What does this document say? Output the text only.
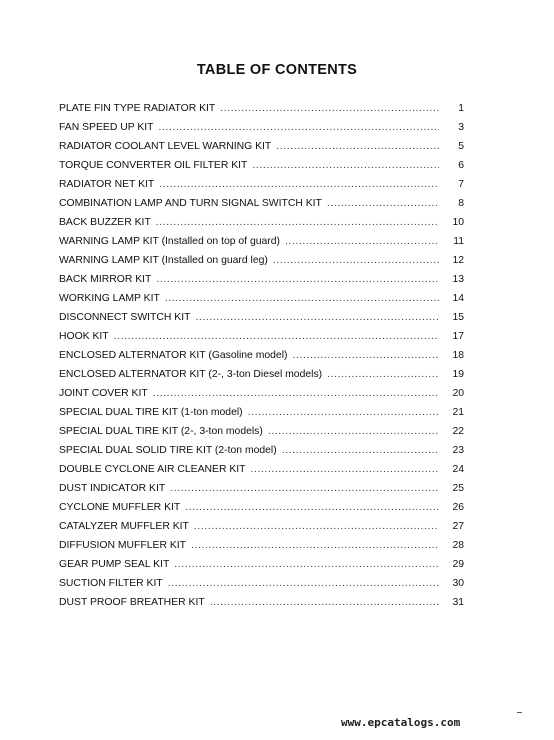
TABLE OF CONTENTS
PLATE FIN TYPE RADIATOR KIT .....	1
FAN SPEED UP KIT .....	3
RADIATOR COOLANT LEVEL WARNING KIT .....	5
TORQUE CONVERTER OIL FILTER KIT .....	6
RADIATOR NET KIT .....	7
COMBINATION LAMP AND TURN SIGNAL SWITCH KIT .....	8
BACK BUZZER KIT .....	10
WARNING LAMP KIT (Installed on top of guard) .....	11
WARNING LAMP KIT (Installed on guard leg) .....	12
BACK MIRROR KIT .....	13
WORKING LAMP KIT .....	14
DISCONNECT SWITCH KIT .....	15
HOOK KIT .....	17
ENCLOSED ALTERNATOR KIT (Gasoline model) .....	18
ENCLOSED ALTERNATOR KIT (2-, 3-ton Diesel models) .....	19
JOINT COVER KIT .....	20
SPECIAL DUAL TIRE KIT (1-ton model) .....	21
SPECIAL DUAL TIRE KIT (2-, 3-ton models) .....	22
SPECIAL DUAL SOLID TIRE KIT (2-ton model) .....	23
DOUBLE CYCLONE AIR CLEANER KIT .....	24
DUST INDICATOR KIT .....	25
CYCLONE MUFFLER KIT .....	26
CATALYZER MUFFLER KIT .....	27
DIFFUSION MUFFLER KIT .....	28
GEAR PUMP SEAL KIT .....	29
SUCTION FILTER KIT .....	30
DUST PROOF BREATHER KIT .....	31
www.epcatalogs.com
